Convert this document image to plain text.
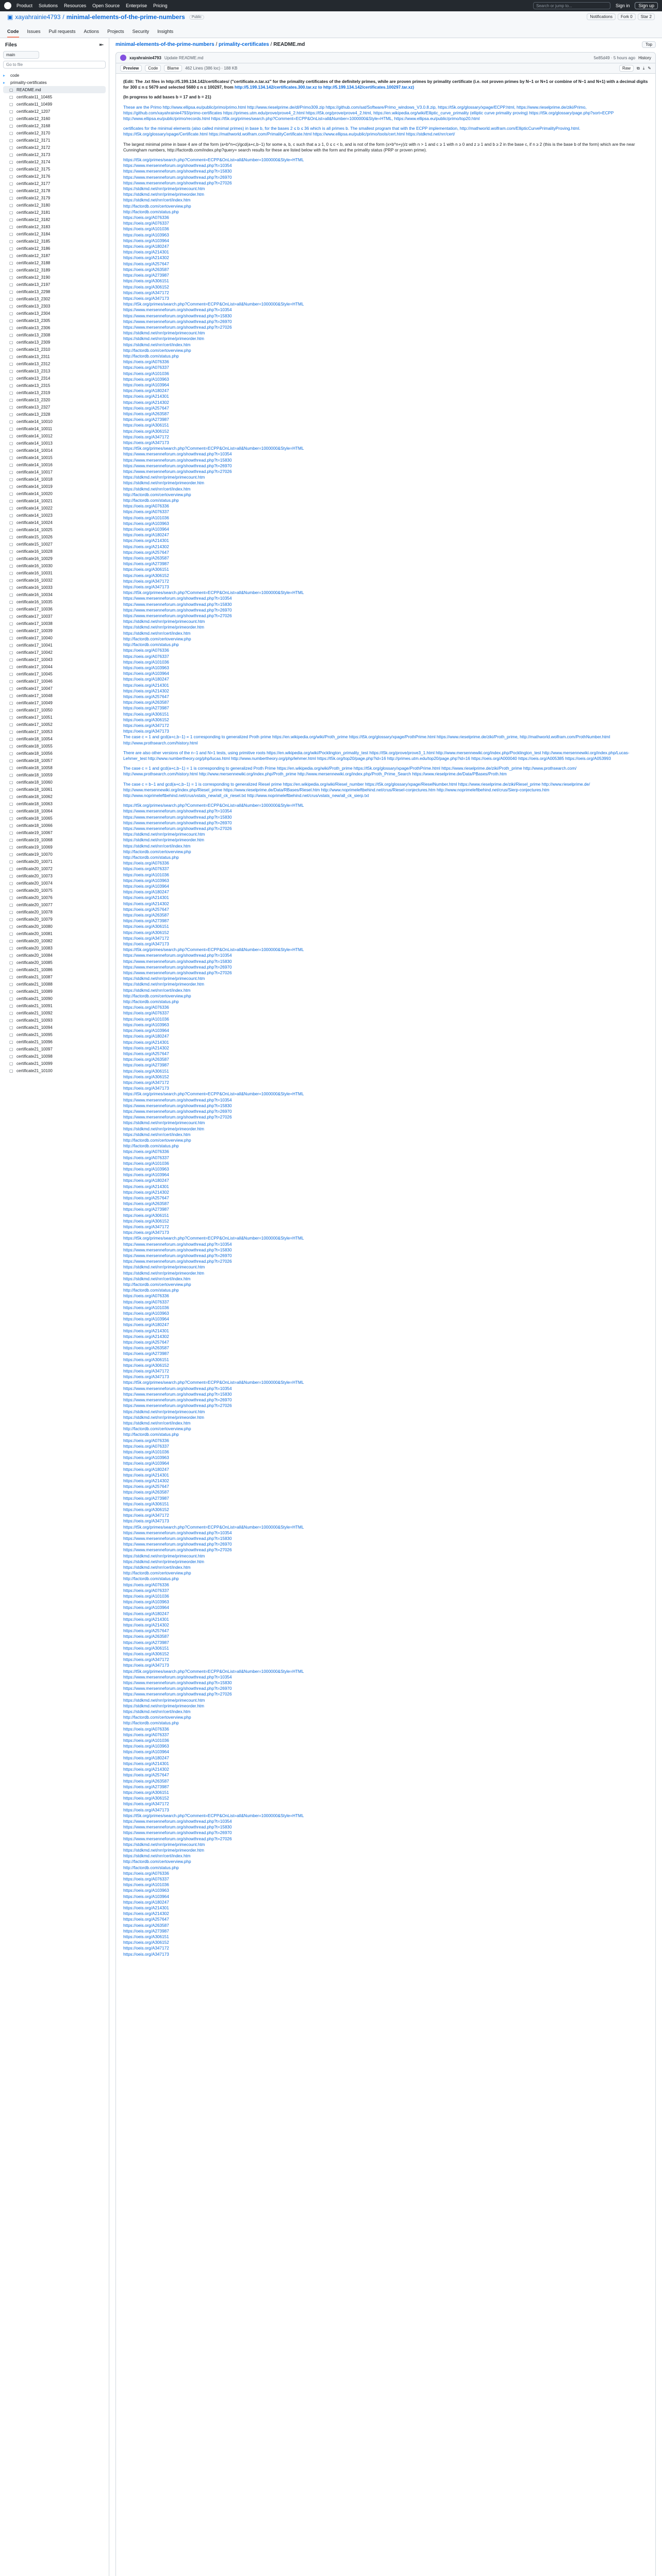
Product Solutions Resources Open Source Enterprise Pricing	Search or jump to...	Sign in	Sign up
▣ xayahrainie4793 / minimal-elements-of-the-prime-numbers	Public	Notifications	Fork 0	Star 2
Code Issues Pull requests Actions Projects Security Insights
Files	⇤
main
Go to file
▸	code
▸	primality-certificates
▢ README.md
▢ certificate11_10465
▢ certificate11_10499
▢ certificate12_1207
▢ certificate12_3160
▢ certificate12_3168
▢ certificate12_3170
▢ certificate12_3171
▢ certificate12_3172
▢ certificate12_3173
▢ certificate12_3174
▢ certificate12_3175
▢ certificate12_3176
▢ certificate12_3177
▢ certificate12_3178
▢ certificate12_3179
▢ certificate12_3180
▢ certificate12_3181
▢ certificate12_3182
▢ certificate12_3183
▢ certificate12_3184
▢ certificate12_3185
▢ certificate12_3186
▢ certificate12_3187
▢ certificate12_3188
▢ certificate12_3189
▢ certificate12_3190
▢ certificate13_2197
▢ certificate13_2298
▢ certificate13_2302
▢ certificate13_2303
▢ certificate13_2304
▢ certificate13_2305
▢ certificate13_2306
▢ certificate13_2308
▢ certificate13_2309
▢ certificate13_2310
▢ certificate13_2311
▢ certificate13_2312
▢ certificate13_2313
▢ certificate13_2314
▢ certificate13_2315
▢ certificate13_2319
▢ certificate13_2320
▢ certificate13_2327
▢ certificate13_2328
▢ certificate14_10010
▢ certificate14_10011
▢ certificate14_10012
▢ certificate14_10013
▢ certificate14_10014
▢ certificate14_10015
▢ certificate14_10016
▢ certificate14_10017
▢ certificate14_10018
▢ certificate14_10019
▢ certificate14_10020
▢ certificate14_10021
▢ certificate14_10022
▢ certificate14_10023
▢ certificate14_10024
▢ certificate14_10025
▢ certificate15_10026
▢ certificate15_10027
▢ certificate16_10028
▢ certificate16_10029
▢ certificate16_10030
▢ certificate16_10031
▢ certificate16_10032
▢ certificate16_10033
▢ certificate16_10034
▢ certificate16_10035
▢ certificate17_10036
▢ certificate17_10037
▢ certificate17_10038
▢ certificate17_10039
▢ certificate17_10040
▢ certificate17_10041
▢ certificate17_10042
▢ certificate17_10043
▢ certificate17_10044
▢ certificate17_10045
▢ certificate17_10046
▢ certificate17_10047
▢ certificate17_10048
▢ certificate17_10049
▢ certificate17_10050
▢ certificate17_10051
▢ certificate17_10052
▢ certificate17_10053
▢ certificate18_10054
▢ certificate18_10055
▢ certificate18_10056
▢ certificate18_10057
▢ certificate18_10058
▢ certificate18_10059
▢ certificate18_10060
▢ certificate18_10061
▢ certificate18_10062
▢ certificate18_10063
▢ certificate18_10064
▢ certificate18_10065
▢ certificate18_10066
▢ certificate19_10067
▢ certificate19_10068
▢ certificate19_10069
▢ certificate19_10070
▢ certificate20_10071
▢ certificate20_10072
▢ certificate20_10073
▢ certificate20_10074
▢ certificate20_10075
▢ certificate20_10076
▢ certificate20_10077
▢ certificate20_10078
▢ certificate20_10079
▢ certificate20_10080
▢ certificate20_10081
▢ certificate20_10082
▢ certificate20_10083
▢ certificate20_10084
▢ certificate20_10085
▢ certificate21_10086
▢ certificate21_10087
▢ certificate21_10088
▢ certificate21_10089
▢ certificate21_10090
▢ certificate21_10091
▢ certificate21_10092
▢ certificate21_10093
▢ certificate21_10094
▢ certificate21_10095
▢ certificate21_10096
▢ certificate21_10097
▢ certificate21_10098
▢ certificate21_10099
▢ certificate21_10100
minimal-elements-of-the-prime-numbers / primality-certificates / README.md	Top
xayahrainie4793 Update README.md	5e85d49 · 5 hours ago History
Preview	Code	Blame	462 Lines (386 loc) · 188 KB	Raw	⧉ ⤓ ✎

(Edit: The .txt files in http://5.199.134.142/certificates/ ("certificate.n.tar.xz" for the primality certificates of the definitely primes, while are proven primes by primality certificate (i.e. not proven primes by N−1 or N+1 or combine of N−1 and N+1) with a decimal digits for 300 ≤ n ≤ 5679 and selected 5680 ≤ n ≤ 100297, from http://5.199.134.142/certificates.300.tar.xz to http://5.199.134.142/certificates.100297.tar.xz)

(In progress to add bases b = 17 and b = 21)

These are the Primo http://www.ellipsa.eu/public/primo/primo.html http://www.rieselprime.de/dl/Primo309.zip https://github.com/sat/Software/Primo_windows_V3.0.8.zip, https://t5k.org/glossary/xpage/ECPP.html, https://www.rieselprime.de/ziki/Primo, https://github.com/xayahrainie4793/primo-certificates https://primes.utm.edu/prove/prove4_2.html https://t5k.org/prove/prove4_2.html, https://en.wikipedia.org/wiki/Elliptic_curve_primality (elliptic curve primality proving) https://t5k.org/glossary/page.php?sort=ECPP http://www.ellipsa.eu/public/primo/records.html https://t5k.org/primes/search.php?Comment=ECPP&OnList=all&Number=1000000&Style=HTML, https://www.ellipsa.eu/public/primo/top20.html

certificates for the minimal elements (also called minimal primes) in base b, for the bases 2 ≤ b ≤ 36 which is all primes b. The smallest program that with the ECPP implementation, http://mathworld.wolfram.com/EllipticCurvePrimalityProving.html. https://t5k.org/glossary/xpage/Certificate.html https://mathworld.wolfram.com/PrimalityCertificate.html https://www.ellipsa.eu/public/primo/tools/cert.html https://stdkmd.net/nrr/cert/

The largest minimal prime in base 4 are of the form (a×b^n+c)/gcd(a+c,b−1) for some a, b, c such that a ≥ 1, 0 ≤ c < b, and is not of the form (x×b^n+y)/z with n > 1 and c ≥ 1 with n ≥ 0 and z ≥ 1 and b ≥ 2 in the base c, if n ≥ 2 (this is the base b of the form) which are the near Cunningham numbers, http://factordb.com/index.php?query= search results for these are listed below with the form and the primality status (PRP or proven prime).

https://t5k.org/primes/search.php?Comment=ECPP&OnList=all&Number=1000000&Style=HTML
https://www.mersenneforum.org/showthread.php?t=10354
https://www.mersenneforum.org/showthread.php?t=15830
https://www.mersenneforum.org/showthread.php?t=26970
https://www.mersenneforum.org/showthread.php?t=27026
https://stdkmd.net/nrr/prime/primecount.htm
https://stdkmd.net/nrr/prime/primeorder.htm
https://stdkmd.net/nrr/cert/index.htm
http://factordb.com/certoverview.php
http://factordb.com/status.php
https://oeis.org/A076336
https://oeis.org/A076337
https://oeis.org/A101036
https://oeis.org/A103963
https://oeis.org/A103964
https://oeis.org/A180247
https://oeis.org/A214301
https://oeis.org/A214302
https://oeis.org/A257647
https://oeis.org/A263587
https://oeis.org/A273987
https://oeis.org/A306151
https://oeis.org/A306152
https://oeis.org/A347172
https://oeis.org/A347173
https://t5k.org/primes/search.php?Comment=ECPP&OnList=all&Number=1000000&Style=HTML
https://www.mersenneforum.org/showthread.php?t=10354
https://www.mersenneforum.org/showthread.php?t=15830
https://www.mersenneforum.org/showthread.php?t=26970
https://www.mersenneforum.org/showthread.php?t=27026
https://stdkmd.net/nrr/prime/primecount.htm
https://stdkmd.net/nrr/prime/primeorder.htm
https://stdkmd.net/nrr/cert/index.htm
http://factordb.com/certoverview.php
http://factordb.com/status.php
https://oeis.org/A076336
https://oeis.org/A076337
https://oeis.org/A101036
https://oeis.org/A103963
https://oeis.org/A103964
https://oeis.org/A180247
https://oeis.org/A214301
https://oeis.org/A214302
https://oeis.org/A257647
https://oeis.org/A263587
https://oeis.org/A273987
https://oeis.org/A306151
https://oeis.org/A306152
https://oeis.org/A347172
https://oeis.org/A347173
https://t5k.org/primes/search.php?Comment=ECPP&OnList=all&Number=1000000&Style=HTML
https://www.mersenneforum.org/showthread.php?t=10354
https://www.mersenneforum.org/showthread.php?t=15830
https://www.mersenneforum.org/showthread.php?t=26970
https://www.mersenneforum.org/showthread.php?t=27026
https://stdkmd.net/nrr/prime/primecount.htm
https://stdkmd.net/nrr/prime/primeorder.htm
https://stdkmd.net/nrr/cert/index.htm
http://factordb.com/certoverview.php
http://factordb.com/status.php
https://oeis.org/A076336
https://oeis.org/A076337
https://oeis.org/A101036
https://oeis.org/A103963
https://oeis.org/A103964
https://oeis.org/A180247
https://oeis.org/A214301
https://oeis.org/A214302
https://oeis.org/A257647
https://oeis.org/A263587
https://oeis.org/A273987
https://oeis.org/A306151
https://oeis.org/A306152
https://oeis.org/A347172
https://oeis.org/A347173
https://t5k.org/primes/search.php?Comment=ECPP&OnList=all&Number=1000000&Style=HTML
https://www.mersenneforum.org/showthread.php?t=10354
https://www.mersenneforum.org/showthread.php?t=15830
https://www.mersenneforum.org/showthread.php?t=26970
https://www.mersenneforum.org/showthread.php?t=27026
https://stdkmd.net/nrr/prime/primecount.htm
https://stdkmd.net/nrr/prime/primeorder.htm
https://stdkmd.net/nrr/cert/index.htm
http://factordb.com/certoverview.php
http://factordb.com/status.php
https://oeis.org/A076336
https://oeis.org/A076337
https://oeis.org/A101036
https://oeis.org/A103963
https://oeis.org/A103964
https://oeis.org/A180247
https://oeis.org/A214301
https://oeis.org/A214302
https://oeis.org/A257647
https://oeis.org/A263587
https://oeis.org/A273987
https://oeis.org/A306151
https://oeis.org/A306152
https://oeis.org/A347172
https://oeis.org/A347173

The case c = 1 and gcd(a+c,b−1) = 1 corresponding to generalized Proth prime https://en.wikipedia.org/wiki/Proth_prime https://t5k.org/glossary/xpage/ProthPrime.html https://www.rieselprime.de/ziki/Proth_prime, http://mathworld.wolfram.com/ProthNumber.html http://www.prothsearch.com/history.html

There are also other versions of the n−1 and N+1 tests, using primitive roots https://en.wikipedia.org/wiki/Pocklington_primality_test https://t5k.org/prove/prove3_1.html http://www.mersennewiki.org/index.php/Pocklington_test http://www.mersennewiki.org/index.php/Lucas-Lehmer_test http://www.numbertheory.org/php/lucas.html http://www.numbertheory.org/php/lehmer.html https://t5k.org/top20/page.php?id=16 http://primes.utm.edu/top20/page.php?id=16 https://oeis.org/A000040 https://oeis.org/A005385 https://oeis.org/A053993

The case c = 1 and gcd(a+c,b−1) = 1 is corresponding to generalized Proth Prime https://en.wikipedia.org/wiki/Proth_prime https://t5k.org/glossary/xpage/ProthPrime.html https://www.rieselprime.de/ziki/Proth_prime http://www.prothsearch.com/ http://www.prothsearch.com/history.html http://www.mersennewiki.org/index.php/Proth_prime http://www.mersennewiki.org/index.php/Proth_Prime_Search https://www.rieselprime.de/Data/PBases/Proth.htm

The case c = b−1 and gcd(a+c,b−1) = 1 is corresponding to generalized Riesel prime https://en.wikipedia.org/wiki/Riesel_number https://t5k.org/glossary/xpage/RieselNumber.html https://www.rieselprime.de/ziki/Riesel_prime http://www.rieselprime.de/ http://www.mersennewiki.org/index.php/Riesel_prime https://www.rieselprime.de/Data/RBases/Riesel.htm http://www.noprimeleftbehind.net/crus/Riesel-conjectures.htm http://www.noprimeleftbehind.net/crus/Sierp-conjectures.htm http://www.noprimeleftbehind.net/crus/vstats_new/all_ck_riesel.txt http://www.noprimeleftbehind.net/crus/vstats_new/all_ck_sierp.txt

https://t5k.org/primes/search.php?Comment=ECPP&OnList=all&Number=1000000&Style=HTML
https://www.mersenneforum.org/showthread.php?t=10354
https://www.mersenneforum.org/showthread.php?t=15830
https://www.mersenneforum.org/showthread.php?t=26970
https://www.mersenneforum.org/showthread.php?t=27026
https://stdkmd.net/nrr/prime/primecount.htm
https://stdkmd.net/nrr/prime/primeorder.htm
https://stdkmd.net/nrr/cert/index.htm
http://factordb.com/certoverview.php
http://factordb.com/status.php
https://oeis.org/A076336
https://oeis.org/A076337
https://oeis.org/A101036
https://oeis.org/A103963
https://oeis.org/A103964
https://oeis.org/A180247
https://oeis.org/A214301
https://oeis.org/A214302
https://oeis.org/A257647
https://oeis.org/A263587
https://oeis.org/A273987
https://oeis.org/A306151
https://oeis.org/A306152
https://oeis.org/A347172
https://oeis.org/A347173
https://t5k.org/primes/search.php?Comment=ECPP&OnList=all&Number=1000000&Style=HTML
https://www.mersenneforum.org/showthread.php?t=10354
https://www.mersenneforum.org/showthread.php?t=15830
https://www.mersenneforum.org/showthread.php?t=26970
https://www.mersenneforum.org/showthread.php?t=27026
https://stdkmd.net/nrr/prime/primecount.htm
https://stdkmd.net/nrr/prime/primeorder.htm
https://stdkmd.net/nrr/cert/index.htm
http://factordb.com/certoverview.php
http://factordb.com/status.php
https://oeis.org/A076336
https://oeis.org/A076337
https://oeis.org/A101036
https://oeis.org/A103963
https://oeis.org/A103964
https://oeis.org/A180247
https://oeis.org/A214301
https://oeis.org/A214302
https://oeis.org/A257647
https://oeis.org/A263587
https://oeis.org/A273987
https://oeis.org/A306151
https://oeis.org/A306152
https://oeis.org/A347172
https://oeis.org/A347173
https://t5k.org/primes/search.php?Comment=ECPP&OnList=all&Number=1000000&Style=HTML
https://www.mersenneforum.org/showthread.php?t=10354
https://www.mersenneforum.org/showthread.php?t=15830
https://www.mersenneforum.org/showthread.php?t=26970
https://www.mersenneforum.org/showthread.php?t=27026
https://stdkmd.net/nrr/prime/primecount.htm
https://stdkmd.net/nrr/prime/primeorder.htm
https://stdkmd.net/nrr/cert/index.htm
http://factordb.com/certoverview.php
http://factordb.com/status.php
https://oeis.org/A076336
https://oeis.org/A076337
https://oeis.org/A101036
https://oeis.org/A103963
https://oeis.org/A103964
https://oeis.org/A180247
https://oeis.org/A214301
https://oeis.org/A214302
https://oeis.org/A257647
https://oeis.org/A263587
https://oeis.org/A273987
https://oeis.org/A306151
https://oeis.org/A306152
https://oeis.org/A347172
https://oeis.org/A347173
https://t5k.org/primes/search.php?Comment=ECPP&OnList=all&Number=1000000&Style=HTML
https://www.mersenneforum.org/showthread.php?t=10354
https://www.mersenneforum.org/showthread.php?t=15830
https://www.mersenneforum.org/showthread.php?t=26970
https://www.mersenneforum.org/showthread.php?t=27026
https://stdkmd.net/nrr/prime/primecount.htm
https://stdkmd.net/nrr/prime/primeorder.htm
https://stdkmd.net/nrr/cert/index.htm
http://factordb.com/certoverview.php
http://factordb.com/status.php
https://oeis.org/A076336
https://oeis.org/A076337
https://oeis.org/A101036
https://oeis.org/A103963
https://oeis.org/A103964
https://oeis.org/A180247
https://oeis.org/A214301
https://oeis.org/A214302
https://oeis.org/A257647
https://oeis.org/A263587
https://oeis.org/A273987
https://oeis.org/A306151
https://oeis.org/A306152
https://oeis.org/A347172
https://oeis.org/A347173
https://t5k.org/primes/search.php?Comment=ECPP&OnList=all&Number=1000000&Style=HTML
https://www.mersenneforum.org/showthread.php?t=10354
https://www.mersenneforum.org/showthread.php?t=15830
https://www.mersenneforum.org/showthread.php?t=26970
https://www.mersenneforum.org/showthread.php?t=27026
https://stdkmd.net/nrr/prime/primecount.htm
https://stdkmd.net/nrr/prime/primeorder.htm
https://stdkmd.net/nrr/cert/index.htm
http://factordb.com/certoverview.php
http://factordb.com/status.php
https://oeis.org/A076336
https://oeis.org/A076337
https://oeis.org/A101036
https://oeis.org/A103963
https://oeis.org/A103964
https://oeis.org/A180247
https://oeis.org/A214301
https://oeis.org/A214302
https://oeis.org/A257647
https://oeis.org/A263587
https://oeis.org/A273987
https://oeis.org/A306151
https://oeis.org/A306152
https://oeis.org/A347172
https://oeis.org/A347173
https://t5k.org/primes/search.php?Comment=ECPP&OnList=all&Number=1000000&Style=HTML
https://www.mersenneforum.org/showthread.php?t=10354
https://www.mersenneforum.org/showthread.php?t=15830
https://www.mersenneforum.org/showthread.php?t=26970
https://www.mersenneforum.org/showthread.php?t=27026
https://stdkmd.net/nrr/prime/primecount.htm
https://stdkmd.net/nrr/prime/primeorder.htm
https://stdkmd.net/nrr/cert/index.htm
http://factordb.com/certoverview.php
http://factordb.com/status.php
https://oeis.org/A076336
https://oeis.org/A076337
https://oeis.org/A101036
https://oeis.org/A103963
https://oeis.org/A103964
https://oeis.org/A180247
https://oeis.org/A214301
https://oeis.org/A214302
https://oeis.org/A257647
https://oeis.org/A263587
https://oeis.org/A273987
https://oeis.org/A306151
https://oeis.org/A306152
https://oeis.org/A347172
https://oeis.org/A347173
https://t5k.org/primes/search.php?Comment=ECPP&OnList=all&Number=1000000&Style=HTML
https://www.mersenneforum.org/showthread.php?t=10354
https://www.mersenneforum.org/showthread.php?t=15830
https://www.mersenneforum.org/showthread.php?t=26970
https://www.mersenneforum.org/showthread.php?t=27026
https://stdkmd.net/nrr/prime/primecount.htm
https://stdkmd.net/nrr/prime/primeorder.htm
https://stdkmd.net/nrr/cert/index.htm
http://factordb.com/certoverview.php
http://factordb.com/status.php
https://oeis.org/A076336
https://oeis.org/A076337
https://oeis.org/A101036
https://oeis.org/A103963
https://oeis.org/A103964
https://oeis.org/A180247
https://oeis.org/A214301
https://oeis.org/A214302
https://oeis.org/A257647
https://oeis.org/A263587
https://oeis.org/A273987
https://oeis.org/A306151
https://oeis.org/A306152
https://oeis.org/A347172
https://oeis.org/A347173
https://t5k.org/primes/search.php?Comment=ECPP&OnList=all&Number=1000000&Style=HTML
https://www.mersenneforum.org/showthread.php?t=10354
https://www.mersenneforum.org/showthread.php?t=15830
https://www.mersenneforum.org/showthread.php?t=26970
https://www.mersenneforum.org/showthread.php?t=27026
https://stdkmd.net/nrr/prime/primecount.htm
https://stdkmd.net/nrr/prime/primeorder.htm
https://stdkmd.net/nrr/cert/index.htm
http://factordb.com/certoverview.php
http://factordb.com/status.php
https://oeis.org/A076336
https://oeis.org/A076337
https://oeis.org/A101036
https://oeis.org/A103963
https://oeis.org/A103964
https://oeis.org/A180247
https://oeis.org/A214301
https://oeis.org/A214302
https://oeis.org/A257647
https://oeis.org/A263587
https://oeis.org/A273987
https://oeis.org/A306151
https://oeis.org/A306152
https://oeis.org/A347172
https://oeis.org/A347173
